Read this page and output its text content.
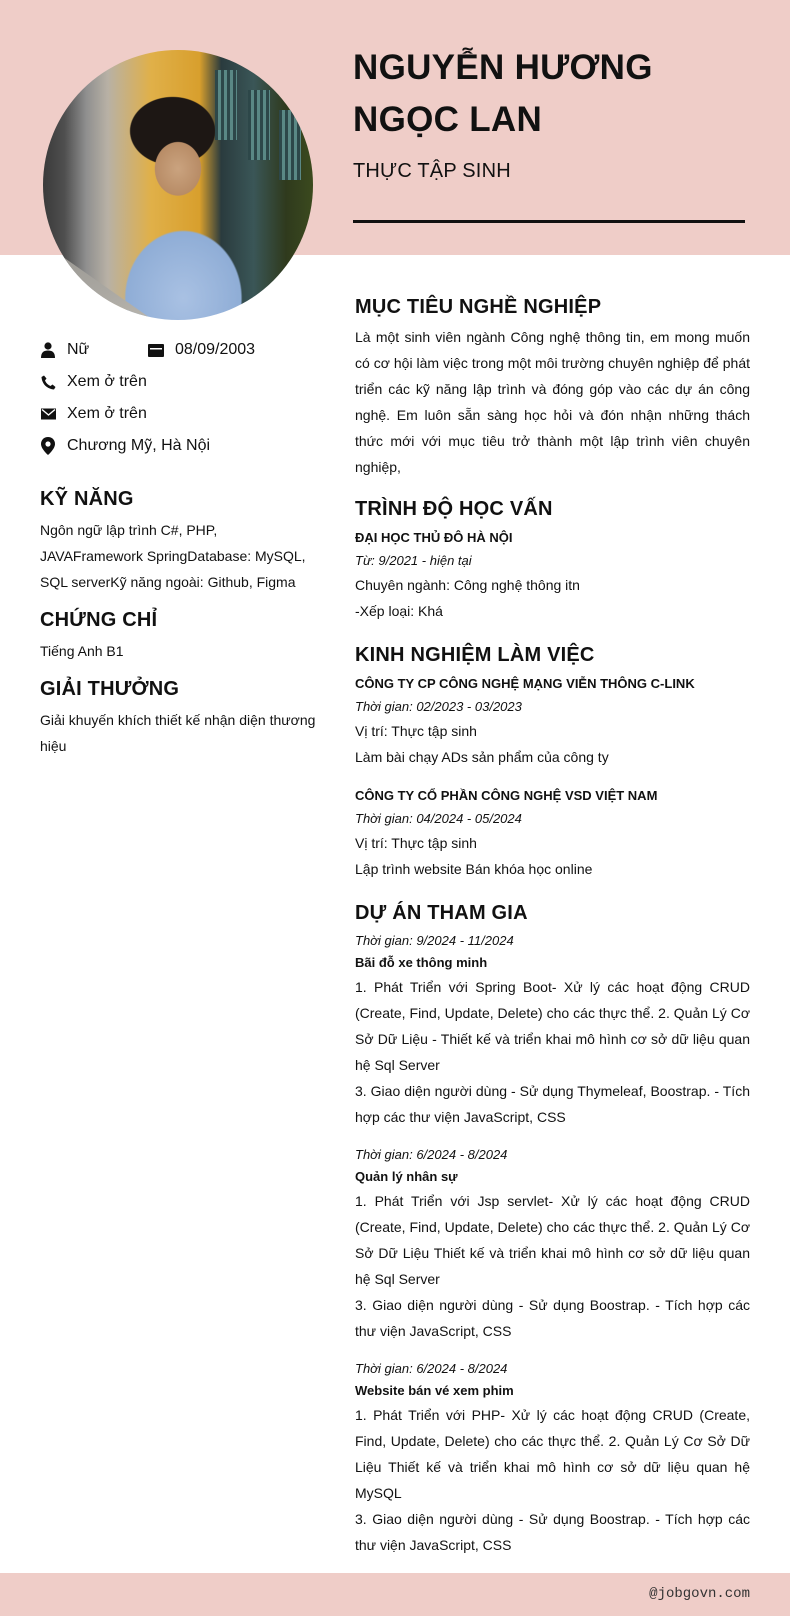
NGUYỄN HƯƠNG NGỌC LAN
THỰC TẬP SINH
Nữ	08/09/2003
Xem ở trên
Xem ở trên
Chương Mỹ, Hà Nội
KỸ NĂNG
Ngôn ngữ lập trình C#, PHP, JAVAFramework SpringDatabase: MySQL, SQL serverKỹ năng ngoài: Github, Figma
CHỨNG CHỈ
Tiếng Anh B1
GIẢI THƯỞNG
Giải khuyến khích thiết kế nhận diện thương hiệu
MỤC TIÊU NGHỀ NGHIỆP
Là một sinh viên ngành Công nghệ thông tin, em mong muốn có cơ hội làm việc trong một môi trường chuyên nghiệp để phát triển các kỹ năng lập trình và đóng góp vào các dự án công nghệ. Em luôn sẵn sàng học hỏi và đón nhận những thách thức mới với mục tiêu trở thành một lập trình viên chuyên nghiệp,
TRÌNH ĐỘ HỌC VẤN
ĐẠI HỌC THỦ ĐÔ HÀ NỘI
Từ: 9/2021 - hiện tại
Chuyên ngành: Công nghệ thông itn
-Xếp loại: Khá
KINH NGHIỆM LÀM VIỆC
CÔNG TY CP CÔNG NGHỆ MẠNG VIỄN THÔNG C-LINK
Thời gian: 02/2023 - 03/2023
Vị trí: Thực tập sinh
Làm bài chạy ADs sản phẩm của công ty
CÔNG TY CỔ PHẦN CÔNG NGHỆ VSD VIỆT NAM
Thời gian: 04/2024 - 05/2024
Vị trí: Thực tập sinh
Lập trình website Bán khóa học online
DỰ ÁN THAM GIA
Thời gian: 9/2024 - 11/2024
Bãi đỗ xe thông minh
1. Phát Triển với Spring Boot- Xử lý các hoạt động CRUD (Create, Find, Update, Delete) cho các thực thể. 2. Quản Lý Cơ Sở Dữ Liệu - Thiết kế và triển khai mô hình cơ sở dữ liệu quan hệ Sql Server
3. Giao diện người dùng - Sử dụng Thymeleaf, Boostrap. - Tích hợp các thư viện JavaScript, CSS
Thời gian: 6/2024 - 8/2024
Quản lý nhân sự
1. Phát Triển với Jsp servlet- Xử lý các hoạt động CRUD (Create, Find, Update, Delete) cho các thực thể. 2. Quản Lý Cơ Sở Dữ Liệu Thiết kế và triển khai mô hình cơ sở dữ liệu quan hệ Sql Server
3. Giao diện người dùng - Sử dụng Boostrap. - Tích hợp các thư viện JavaScript, CSS
Thời gian: 6/2024 - 8/2024
Website bán vé xem phim
1. Phát Triển với PHP- Xử lý các hoạt động CRUD (Create, Find, Update, Delete) cho các thực thể. 2. Quản Lý Cơ Sở Dữ Liệu Thiết kế và triển khai mô hình cơ sở dữ liệu quan hệ MySQL
3. Giao diện người dùng - Sử dụng Boostrap. - Tích hợp các thư viện JavaScript, CSS
@jobgovn.com
